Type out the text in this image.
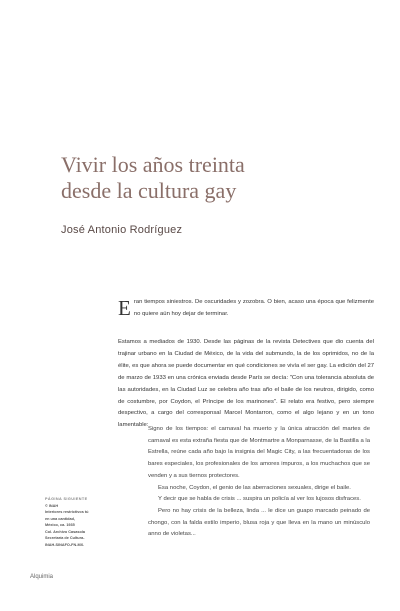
Vivir los años treinta
desde la cultura gay
José Antonio Rodríguez
Eran tiempos siniestros. De oscuridades y zozobra. O bien, acaso una época que felizmente no quiere aún hoy dejar de terminar.
Estamos a mediados de 1930. Desde las páginas de la revista Detectives que dio cuenta del trajinar urbano en la Ciudad de México, de la vida del submundo, la de los oprimidos, no de la élite, es que ahora se puede documentar en qué condiciones se vivía el ser gay. La edición del 27 de marzo de 1933 en una crónica enviada desde París se decía: "Con una tolerancia absoluta de las autoridades, en la Ciudad Luz se celebra año tras año el baile de los neutros, dirigido, como de costumbre, por Coydon, el Príncipe de los marinones". El relato era festivo, pero siempre despectivo, a cargo del corresponsal Marcel Montarron, como el algo lejano y en un tono lamentable:

Signo de los tiempos: el carnaval ha muerto y la única atracción del martes de carnaval es esta extraña fiesta que de Montmartre a Monparnasse, de la Bastilla a la Estrella, reúne cada año bajo la insignia del Magic City, a las frecuentadoras de los bares especiales, los profesionales de los amores impuros, a los muchachos que se venden y a sus tiernos protectores.

Esa noche, Coydon, el genio de las aberraciones sexuales, dirige el baile.

Y decir que se habla de crisis ... suspira un policía al ver los lujosos disfraces.

Pero no hay crisis de la belleza, linda ... le dice un guapo marcado peinado de chongo, con la falda estilo imperio, blusa roja y que lleva en la mano un minúsculo anno de violetas...

PÁGINA SIGUIENTE
© INAH
Interiores restrictivos tú
en una cantidad,
México, ca. 1935
Col. Archivo Casasola
Secretaría de Cultura-
INAH-SINAFO-FN-MX.
Alquimia
